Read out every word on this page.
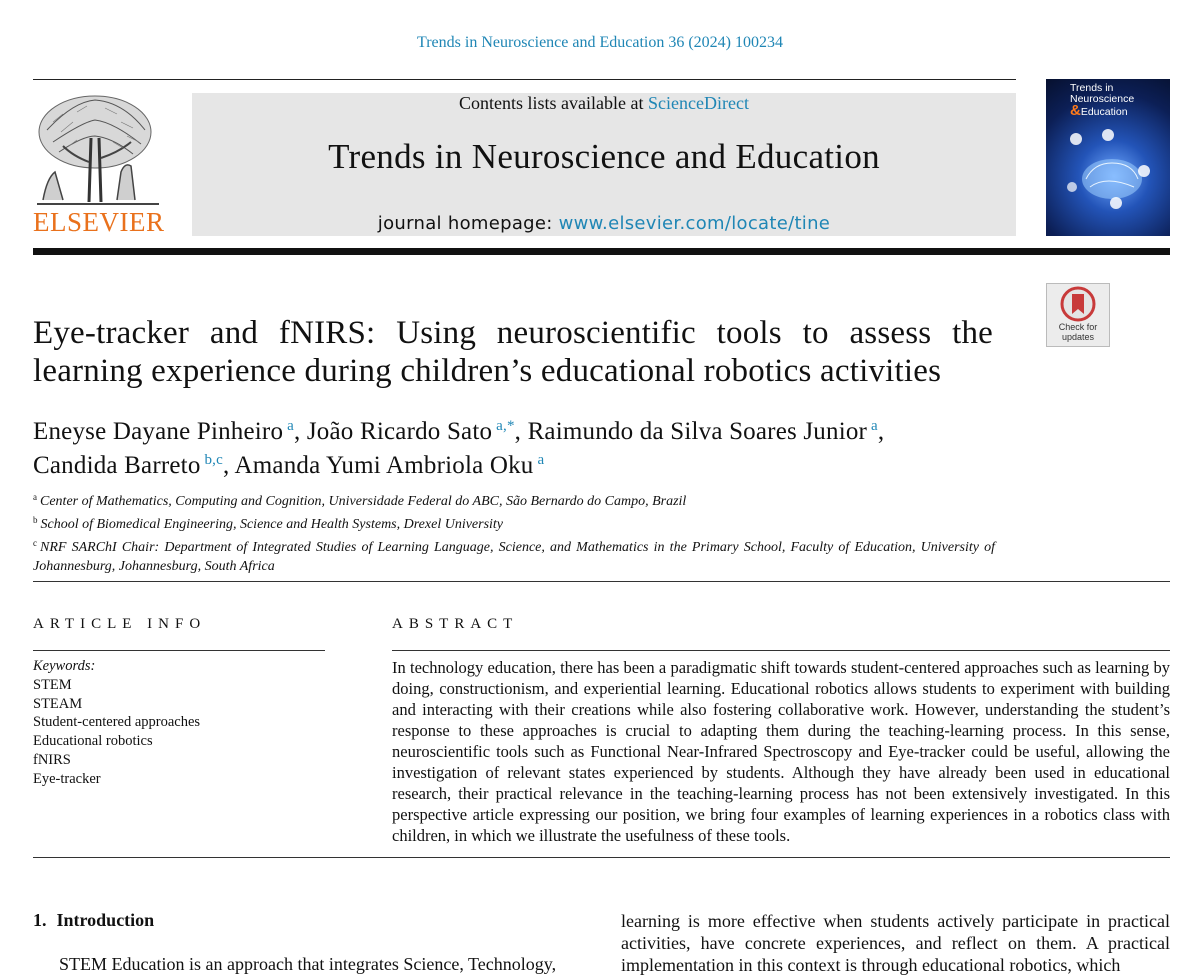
Trends in Neuroscience and Education 36 (2024) 100234
ELSEVIER
Contents lists available at ScienceDirect
Trends in Neuroscience and Education
journal homepage: www.elsevier.com/locate/tine
Trends in
Neuroscience
&Education
Check for updates
Eye-tracker and fNIRS: Using neuroscientific tools to assess the learning experience during children’s educational robotics activities
Eneyse Dayane Pinheiro $^a$, João Ricardo Sato $^{a,*}$, Raimundo da Silva Soares Junior $^a$,
Candida Barreto $^{b,c}$, Amanda Yumi Ambriola Oku $^a$
$^a$ Center of Mathematics, Computing and Cognition, Universidade Federal do ABC, São Bernardo do Campo, Brazil
$^b$ School of Biomedical Engineering, Science and Health Systems, Drexel University
$^c$ NRF SARChI Chair: Department of Integrated Studies of Learning Language, Science, and Mathematics in the Primary School, Faculty of Education, University of Johannesburg, Johannesburg, South Africa
ARTICLE INFO	ABSTRACT
Keywords:
STEM
STEAM
Student-centered approaches
Educational robotics
fNIRS
Eye-tracker
In technology education, there has been a paradigmatic shift towards student-centered approaches such as learning by doing, constructionism, and experiential learning. Educational robotics allows students to experiment with building and interacting with their creations while also fostering collaborative work. However, understanding the student’s response to these approaches is crucial to adapting them during the teaching-learning process. In this sense, neuroscientific tools such as Functional Near-Infrared Spectroscopy and Eye-tracker could be useful, allowing the investigation of relevant states experienced by students. Although they have already been used in educational research, their practical relevance in the teaching-learning process has not been extensively investigated. In this perspective article expressing our position, we bring four examples of learning experiences in a robotics class with children, in which we illustrate the usefulness of these tools.
1. Introduction
STEM Education is an approach that integrates Science, Technology,
learning is more effective when students actively participate in practical activities, have concrete experiences, and reflect on them. A practical implementation in this context is through educational robotics, which
